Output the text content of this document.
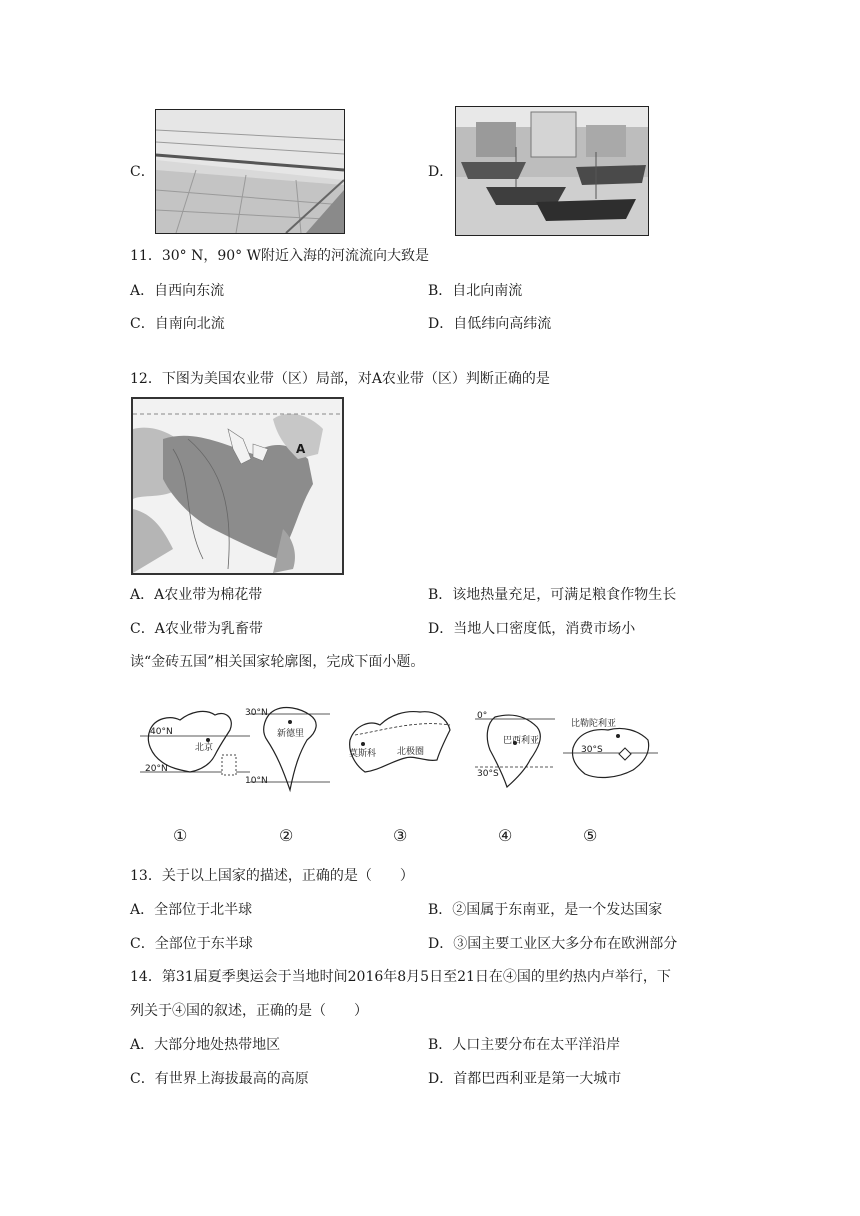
C．	D．
11．30° N，90° W附近入海的河流流向大致是
A．自西向东流	B．自北向南流
C．自南向北流	D．自低纬向高纬流
12．下图为美国农业带（区）局部，对A农业带（区）判断正确的是
A
A．A农业带为棉花带	B．该地热量充足，可满足粮食作物生长
C．A农业带为乳畜带	D．当地人口密度低，消费市场小
读“金砖五国”相关国家轮廓图，完成下面小题。
40°N
20°N
北京
30°N
10°N
新德里
莫斯科 北极圈
0°
30°S
巴西利亚
比勒陀利亚
30°S
①	②	③	④	⑤
13．关于以上国家的描述，正确的是（　　）
A．全部位于北半球	B．②国属于东南亚，是一个发达国家
C．全部位于东半球	D．③国主要工业区大多分布在欧洲部分
14．第31届夏季奥运会于当地时间2016年8月5日至21日在④国的里约热内卢举行，下
列关于④国的叙述，正确的是（　　）
A．大部分地处热带地区	B．人口主要分布在太平洋沿岸
C．有世界上海拔最高的高原	D．首都巴西利亚是第一大城市
